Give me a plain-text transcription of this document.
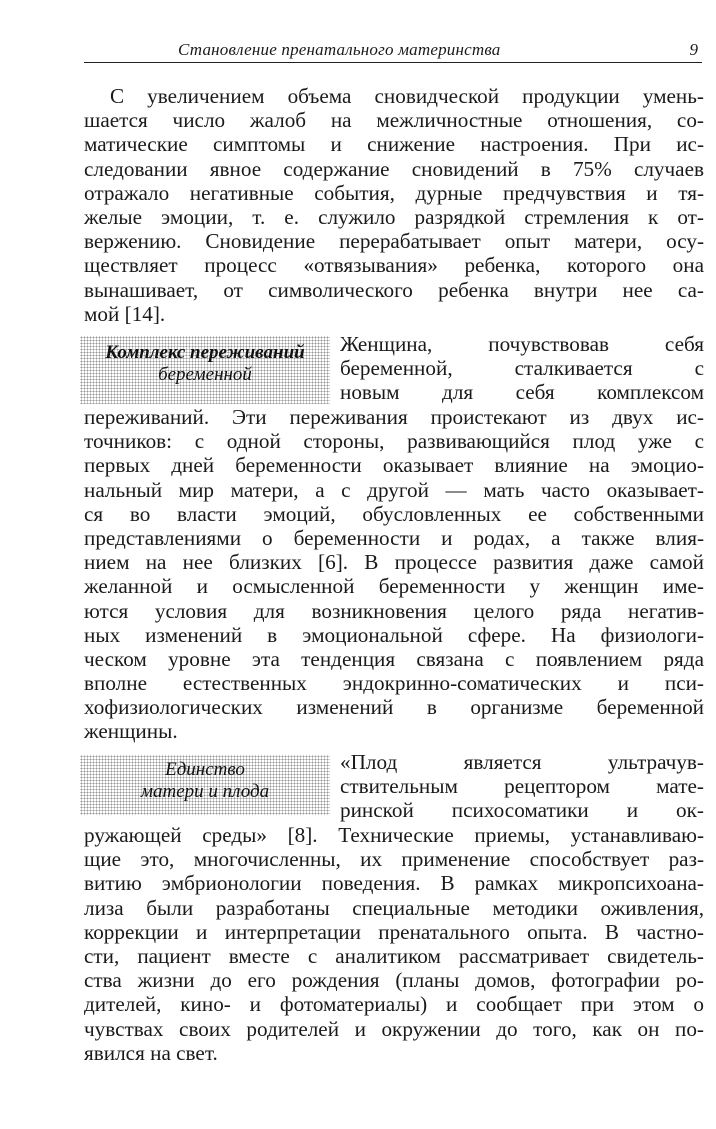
Становление пренатального материнства	9
С увеличением объема сновидческой продукции умень-
шается число жалоб на межличностные отношения, со-
матические симптомы и снижение настроения. При ис-
следовании явное содержание сновидений в 75% случаев
отражало негативные события, дурные предчувствия и тя-
желые эмоции, т. е. служило разрядкой стремления к от-
вержению. Сновидение перерабатывает опыт матери, осу-
ществляет процесс «отвязывания» ребенка, которого она
вынашивает, от символического ребенка внутри нее са-
мой [14].
Комплекс переживаний
беременной
Женщина, почувствовав себя
беременной, сталкивается с
новым для себя комплексом
переживаний. Эти переживания проистекают из двух ис-
точников: с одной стороны, развивающийся плод уже с
первых дней беременности оказывает влияние на эмоцио-
нальный мир матери, а с другой — мать часто оказывает-
ся во власти эмоций, обусловленных ее собственными
представлениями о беременности и родах, а также влия-
нием на нее близких [6]. В процессе развития даже самой
желанной и осмысленной беременности у женщин име-
ются условия для возникновения целого ряда негатив-
ных изменений в эмоциональной сфере. На физиологи-
ческом уровне эта тенденция связана с появлением ряда
вполне естественных эндокринно-соматических и пси-
хофизиологических изменений в организме беременной
женщины.
Единство
матери и плода
«Плод является ультрачув-
ствительным рецептором мате-
ринской психосоматики и ок-
ружающей среды» [8]. Технические приемы, устанавливаю-
щие это, многочисленны, их применение способствует раз-
витию эмбрионологии поведения. В рамках микропсихоана-
лиза были разработаны специальные методики оживления,
коррекции и интерпретации пренатального опыта. В частно-
сти, пациент вместе с аналитиком рассматривает свидетель-
ства жизни до его рождения (планы домов, фотографии ро-
дителей, кино- и фотоматериалы) и сообщает при этом о
чувствах своих родителей и окружении до того, как он по-
явился на свет.
